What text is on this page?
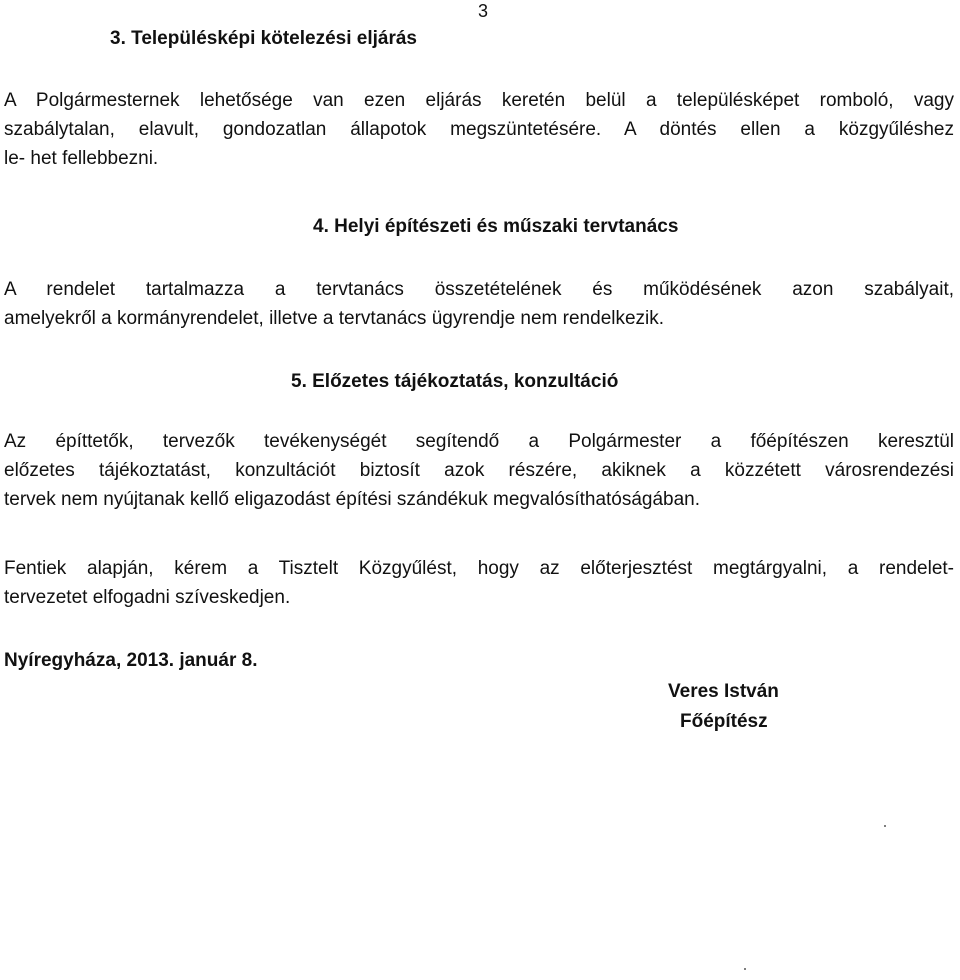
3
3. Településképi kötelezési eljárás
A Polgármesternek lehetősége van ezen eljárás keretén belül a településképet romboló, vagy
szabálytalan, elavult, gondozatlan állapotok megszüntetésére. A döntés ellen a közgyűléshez
le- het fellebbezni.
4. Helyi építészeti és műszaki tervtanács
A rendelet tartalmazza a tervtanács összetételének és működésének azon szabályait,
amelyekről a kormányrendelet, illetve a tervtanács ügyrendje nem rendelkezik.
5. Előzetes tájékoztatás, konzultáció
Az építtetők, tervezők tevékenységét segítendő a Polgármester a főépítészen keresztül
előzetes tájékoztatást, konzultációt biztosít azok részére, akiknek a közzétett városrendezési
tervek nem nyújtanak kellő eligazodást építési szándékuk megvalósíthatóságában.
Fentiek alapján, kérem a Tisztelt Közgyűlést, hogy az előterjesztést megtárgyalni, a rendelet-
tervezetet elfogadni szíveskedjen.
Nyíregyháza, 2013. január 8.
Veres István
Főépítész
